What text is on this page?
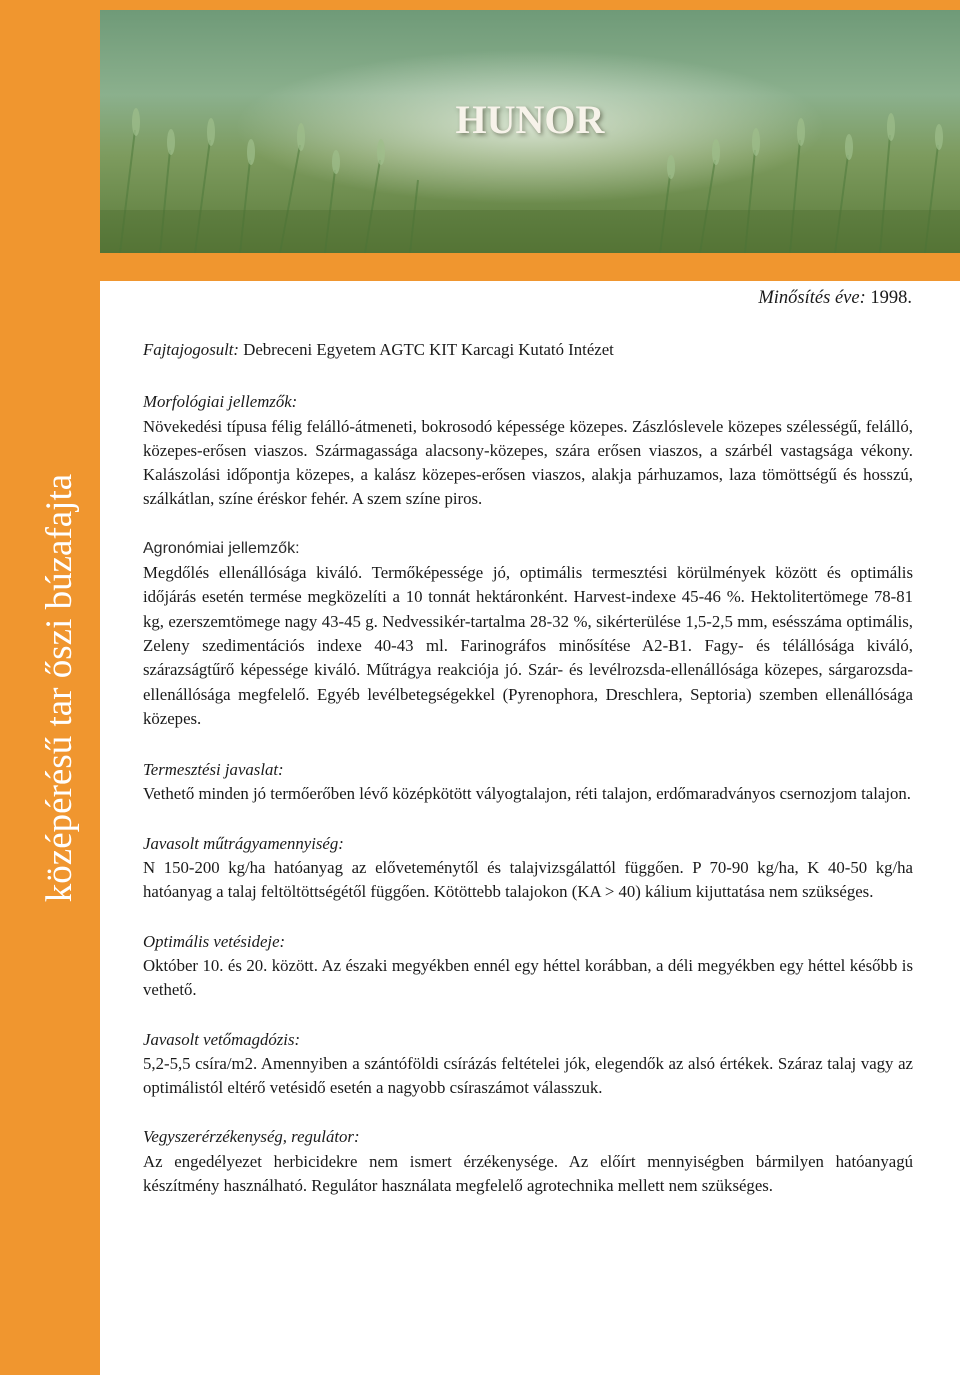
középérésű tar őszi búzafajta
HUNOR
Minősítés éve: 1998.

Fajtajogosult: Debreceni Egyetem AGTC KIT Karcagi Kutató Intézet

Morfológiai jellemzők:

Növekedési típusa félig felálló-átmeneti, bokrosodó képessége közepes. Zászlóslevele közepes szélességű, felálló, közepes-erősen viaszos. Szármagassága alacsony-közepes, szára erősen viaszos, a szárbél vastagsága vékony. Kalászolási időpontja közepes, a kalász közepes-erősen viaszos, alakja párhuzamos, laza tömöttségű és hosszú, szálkátlan, színe éréskor fehér. A szem színe piros.

Agronómiai jellemzők:

Megdőlés ellenállósága kiváló. Termőképessége jó, optimális termesztési körülmények között és optimális időjárás esetén termése megközelíti a 10 tonnát hektáronként. Harvest-indexe 45-46 %. Hektolitertömege 78-81 kg, ezerszemtömege nagy 43-45 g. Nedvessikér-tartalma 28-32 %, sikérterülése 1,5-2,5 mm, esésszáma optimális, Zeleny szedimentációs indexe 40-43 ml. Farinográfos minősítése A2-B1. Fagy- és télállósága kiváló, szárazságtűrő képessége kiváló. Műtrágya reakciója jó. Szár- és levélrozsda-ellenállósága közepes, sárgarozsda-ellenállósága megfelelő. Egyéb levélbetegségekkel (Pyrenophora, Dreschlera, Septoria) szemben ellenállósága közepes.

Termesztési javaslat:

Vethető minden jó termőerőben lévő középkötött vályogtalajon, réti talajon, erdőmaradványos csernozjom talajon.

Javasolt műtrágyamennyiség:

N 150-200 kg/ha hatóanyag az előveteménytől és talajvizsgálattól függően. P 70-90 kg/ha, K 40-50 kg/ha hatóanyag a talaj feltöltöttségétől függően. Kötöttebb talajokon (KA > 40) kálium kijuttatása nem szükséges.

Optimális vetésideje:

Október 10. és 20. között. Az északi megyékben ennél egy héttel korábban, a déli megyékben egy héttel később is vethető.

Javasolt vetőmagdózis:

5,2-5,5 csíra/m2. Amennyiben a szántóföldi csírázás feltételei jók, elegendők az alsó értékek. Száraz talaj vagy az optimálistól eltérő vetésidő esetén a nagyobb csíraszámot válasszuk.

Vegyszerérzékenység, regulátor:

Az engedélyezet herbicidekre nem ismert érzékenysége. Az előírt mennyiségben bármilyen hatóanyagú készítmény használható. Regulátor használata megfelelő agrotechnika mellett nem szükséges.
